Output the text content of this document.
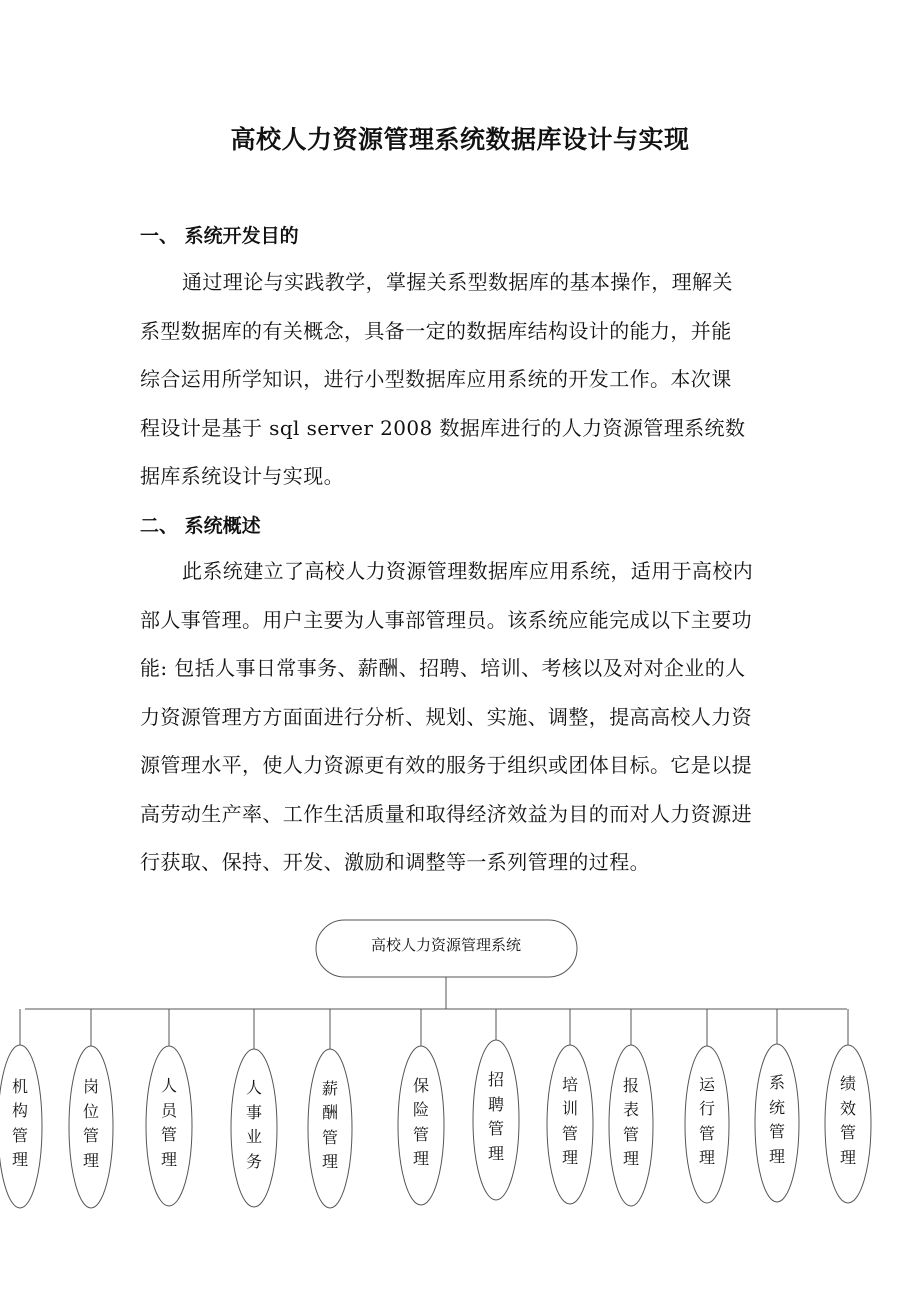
高校人力资源管理系统数据库设计与实现
一、 系统开发目的
通过理论与实践教学，掌握关系型数据库的基本操作，理解关
系型数据库的有关概念，具备一定的数据库结构设计的能力，并能
综合运用所学知识，进行小型数据库应用系统的开发工作。本次课
程设计是基于 sql server 2008 数据库进行的人力资源管理系统数
据库系统设计与实现。
二、 系统概述
此系统建立了高校人力资源管理数据库应用系统，适用于高校内
部人事管理。用户主要为人事部管理员。该系统应能完成以下主要功
能: 包括人事日常事务、薪酬、招聘、培训、考核以及对对企业的人
力资源管理方方面面进行分析、规划、实施、调整，提高高校人力资
源管理水平，使人力资源更有效的服务于组织或团体目标。它是以提
高劳动生产率、工作生活质量和取得经济效益为目的而对人力资源进
行获取、保持、开发、激励和调整等一系列管理的过程。
高校人力资源管理系统
机
构
管
理
岗
位
管
理
人
员
管
理
人
事
业
务
薪
酬
管
理
保
险
管
理
招
聘
管
理
培
训
管
理
报
表
管
理
运
行
管
理
系
统
管
理
绩
效
管
理
